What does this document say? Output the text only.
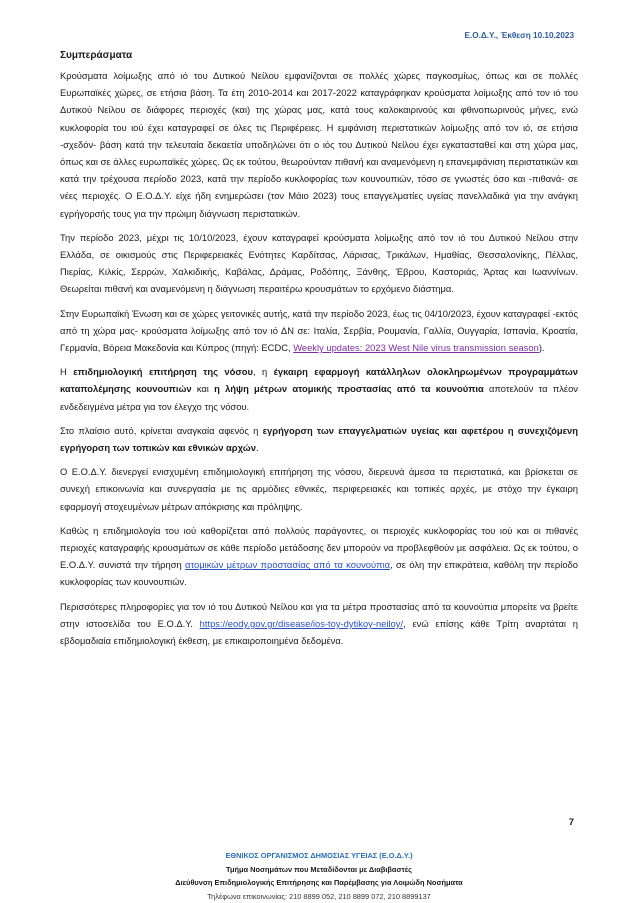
Ε.Ο.Δ.Υ., Έκθεση 10.10.2023
Συμπεράσματα

Κρούσματα λοίμωξης από ιό του Δυτικού Νείλου εμφανίζονται σε πολλές χώρες παγκοσμίως, όπως και σε πολλές Ευρωπαϊκές χώρες, σε ετήσια βάση. Τα έτη 2010-2014 και 2017-2022 καταγράφηκαν κρούσματα λοίμωξης από τον ιό του Δυτικού Νείλου σε διάφορες περιοχές (και) της χώρας μας, κατά τους καλοκαιρινούς και φθινοπωρινούς μήνες, ενώ κυκλοφορία του ιού έχει καταγραφεί σε όλες τις Περιφέρειες. Η εμφάνιση περιστατικών λοίμωξης από τον ιό, σε ετήσια -σχεδόν- βάση κατά την τελευταία δεκαετία υποδηλώνει ότι ο ιός του Δυτικού Νείλου έχει εγκατασταθεί και στη χώρα μας, όπως και σε άλλες ευρωπαϊκές χώρες. Ως εκ τούτου, θεωρούνταν πιθανή και αναμενόμενη η επανεμφάνιση περιστατικών και κατά την τρέχουσα περίοδο 2023, κατά την περίοδο κυκλοφορίας των κουνουπιών, τόσο σε γνωστές όσο και -πιθανά- σε νέες περιοχές. Ο Ε.Ο.Δ.Υ. είχε ήδη ενημερώσει (τον Μάιο 2023) τους επαγγελματίες υγείας πανελλαδικά για την ανάγκη εγρήγορσής τους για την πρώιμη διάγνωση περιστατικών.

Την περίοδο 2023, μέχρι τις 10/10/2023, έχουν καταγραφεί κρούσματα λοίμωξης από τον ιό του Δυτικού Νείλου στην Ελλάδα, σε οικισμούς στις Περιφερειακές Ενότητες Καρδίτσας, Λάρισας, Τρικάλων, Ημαθίας, Θεσσαλονίκης, Πέλλας, Πιερίας, Κιλκίς, Σερρών, Χαλκιδικής, Καβάλας, Δράμας, Ροδόπης, Ξάνθης, Έβρου, Καστοριάς, Άρτας και Ιωαννίνων. Θεωρείται πιθανή και αναμενόμενη η διάγνωση περαιτέρω κρουσμάτων το ερχόμενο διάστημα.

Στην Ευρωπαϊκή Ένωση και σε χώρες γειτονικές αυτής, κατά την περίοδο 2023, έως τις 04/10/2023, έχουν καταγραφεί -εκτός από τη χώρα μας- κρούσματα λοίμωξης από τον ιό ΔΝ σε: Ιταλία, Σερβία, Ρουμανία, Γαλλία, Ουγγαρία, Ισπανία, Κροατία, Γερμανία, Βόρεια Μακεδονία και Κύπρος (πηγή: ECDC, Weekly updates: 2023 West Nile virus transmission season).

Η επιδημιολογική επιτήρηση της νόσου, η έγκαιρη εφαρμογή κατάλληλων ολοκληρωμένων προγραμμάτων καταπολέμησης κουνουπιών και η λήψη μέτρων ατομικής προστασίας από τα κουνούπια αποτελούν τα πλέον ενδεδειγμένα μέτρα για τον έλεγχο της νόσου.

Στο πλαίσιο αυτό, κρίνεται αναγκαία αφενός η εγρήγορση των επαγγελματιών υγείας και αφετέρου η συνεχιζόμενη εγρήγορση των τοπικών και εθνικών αρχών.

Ο Ε.Ο.Δ.Υ. διενεργεί ενισχυμένη επιδημιολογική επιτήρηση της νόσου, διερευνά άμεσα τα περιστατικά, και βρίσκεται σε συνεχή επικοινωνία και συνεργασία με τις αρμόδιες εθνικές, περιφερειακές και τοπικές αρχές, με στόχο την έγκαιρη εφαρμογή στοχευμένων μέτρων απόκρισης και πρόληψης.

Καθώς η επιδημιολογία του ιού καθορίζεται από πολλούς παράγοντες, οι περιοχές κυκλοφορίας του ιού και οι πιθανές περιοχές καταγραφής κρουσμάτων σε κάθε περίοδο μετάδοσης δεν μπορούν να προβλεφθούν με ασφάλεια. Ως εκ τούτου, ο Ε.Ο.Δ.Υ. συνιστά την τήρηση ατομικών μέτρων προστασίας από τα κουνούπια, σε όλη την επικράτεια, καθόλη την περίοδο κυκλοφορίας των κουνουπιών.

Περισσότερες πληροφορίες για τον ιό του Δυτικού Νείλου και για τα μέτρα προστασίας από τα κουνούπια μπορείτε να βρείτε στην ιστοσελίδα του Ε.Ο.Δ.Υ. https://eody.gov.gr/disease/ios-toy-dytikoy-neiloy/, ενώ επίσης κάθε Τρίτη αναρτάται η εβδομαδιαία επιδημιολογική έκθεση, με επικαιροποιημένα δεδομένα.

7
ΕΘΝΙΚΟΣ ΟΡΓΑΝΙΣΜΟΣ ΔΗΜΟΣΙΑΣ ΥΓΕΙΑΣ (Ε.Ο.Δ.Υ.)
Τμήμα Νοσημάτων που Μεταδίδονται με Διαβιβαστές
Διεύθυνση Επιδημιολογικής Επιτήρησης και Παρέμβασης για Λοιμώδη Νοσήματα
Τηλέφωνα επικοινωνίας: 210 8899 052, 210 8899 072, 210 8899137
